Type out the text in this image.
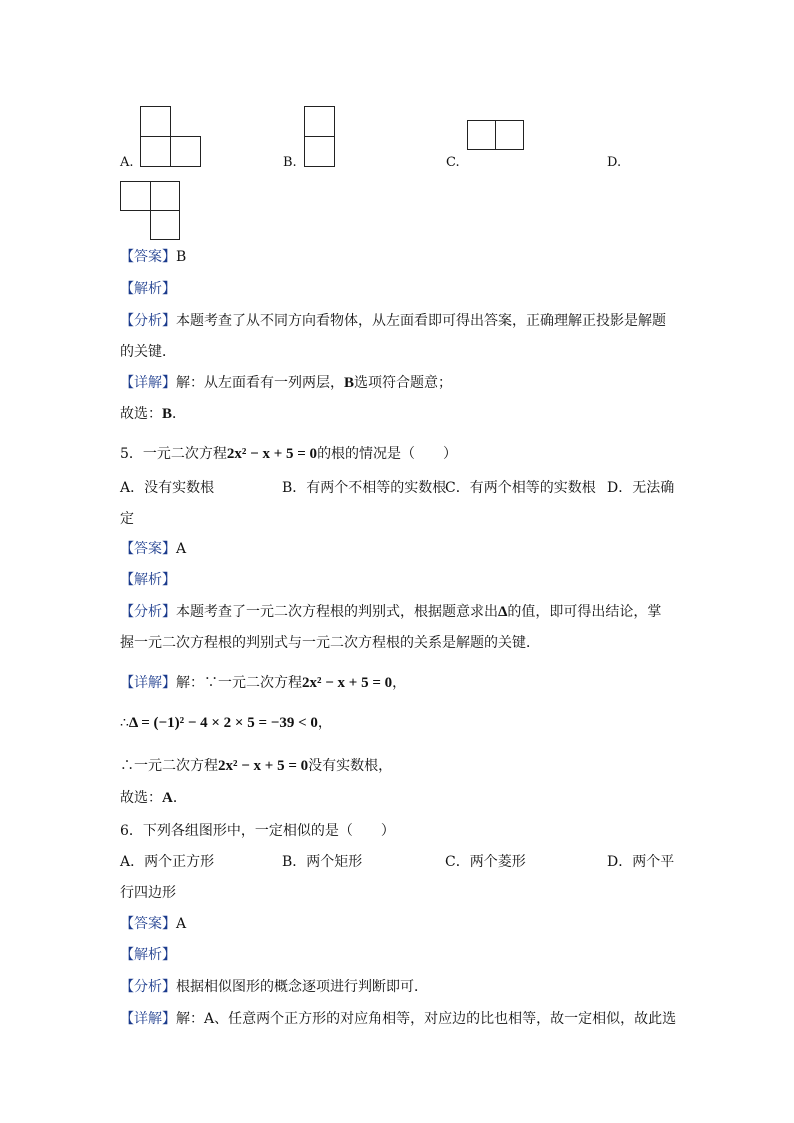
A.	B.	C.	D.
【答案】B
【解析】
【分析】本题考查了从不同方向看物体，从左面看即可得出答案，正确理解正投影是解题
的关键．
【详解】解：从左面看有一列两层，B选项符合题意；
故选：B．
5．一元二次方程2x² − x + 5 = 0的根的情况是（　　）
A．没有实数根	B．有两个不相等的实数根
C．有两个相等的实数根 D．无法确
定
【答案】A
【解析】
【分析】本题考查了一元二次方程根的判别式，根据题意求出Δ的值，即可得出结论，掌
握一元二次方程根的判别式与一元二次方程根的关系是解题的关键．
【详解】解：∵一元二次方程2x² − x + 5 = 0，
∴Δ = (−1)² − 4 × 2 × 5 = −39 < 0，
∴一元二次方程2x² − x + 5 = 0没有实数根，
故选：A．
6．下列各组图形中，一定相似的是（　　）
A．两个正方形	B．两个矩形	C．两个菱形	D．两个平
行四边形
【答案】A
【解析】
【分析】根据相似图形的概念逐项进行判断即可．
【详解】解：A、任意两个正方形的对应角相等，对应边的比也相等，故一定相似，故此选
